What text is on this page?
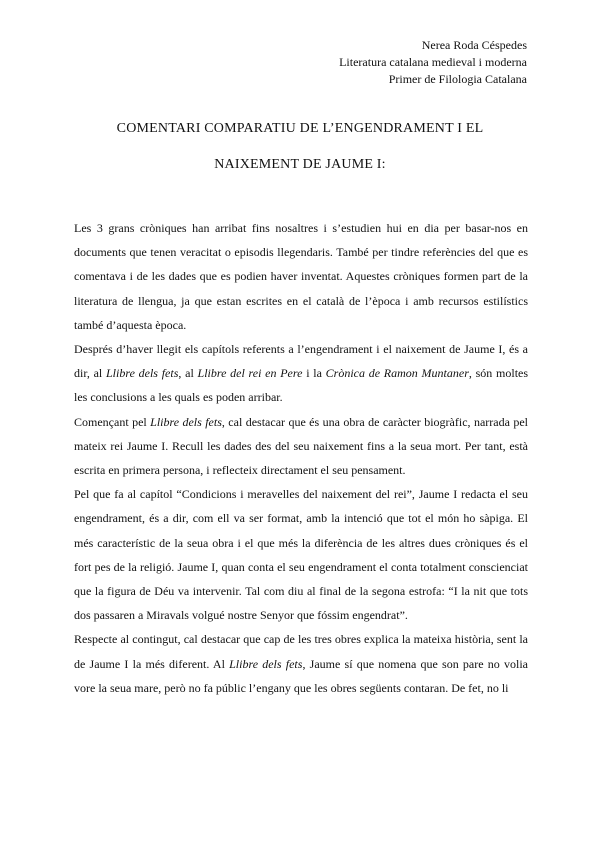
Nerea Roda Céspedes
Literatura catalana medieval i moderna
Primer de Filologia Catalana
COMENTARI COMPARATIU DE L’ENGENDRAMENT I EL
NAIXEMENT DE JAUME I:

Les 3 grans cròniques han arribat fins nosaltres i s’estudien hui en dia per basar-nos en documents que tenen veracitat o episodis llegendaris. També per tindre referències del que es comentava i de les dades que es podien haver inventat. Aquestes cròniques formen part de la literatura de llengua, ja que estan escrites en el català de l’època i amb recursos estilístics també d’aquesta època.

Després d’haver llegit els capítols referents a l’engendrament i el naixement de Jaume I, és a dir, al Llibre dels fets, al Llibre del rei en Pere i la Crònica de Ramon Muntaner, són moltes les conclusions a les quals es poden arribar.

Començant pel Llibre dels fets, cal destacar que és una obra de caràcter biogràfic, narrada pel mateix rei Jaume I. Recull les dades des del seu naixement fins a la seua mort. Per tant, està escrita en primera persona, i reflecteix directament el seu pensament.

Pel que fa al capítol “Condicions i meravelles del naixement del rei”, Jaume I redacta el seu engendrament, és a dir, com ell va ser format, amb la intenció que tot el món ho sàpiga. El més característic de la seua obra i el que més la diferència de les altres dues cròniques és el fort pes de la religió. Jaume I, quan conta el seu engendrament el conta totalment conscienciat que la figura de Déu va intervenir. Tal com diu al final de la segona estrofa: “I la nit que tots dos passaren a Miravals volgué nostre Senyor que fóssim engendrat”.

Respecte al contingut, cal destacar que cap de les tres obres explica la mateixa història, sent la de Jaume I la més diferent. Al Llibre dels fets, Jaume sí que nomena que son pare no volia vore la seua mare, però no fa públic l’engany que les obres següents contaran. De fet, no li
